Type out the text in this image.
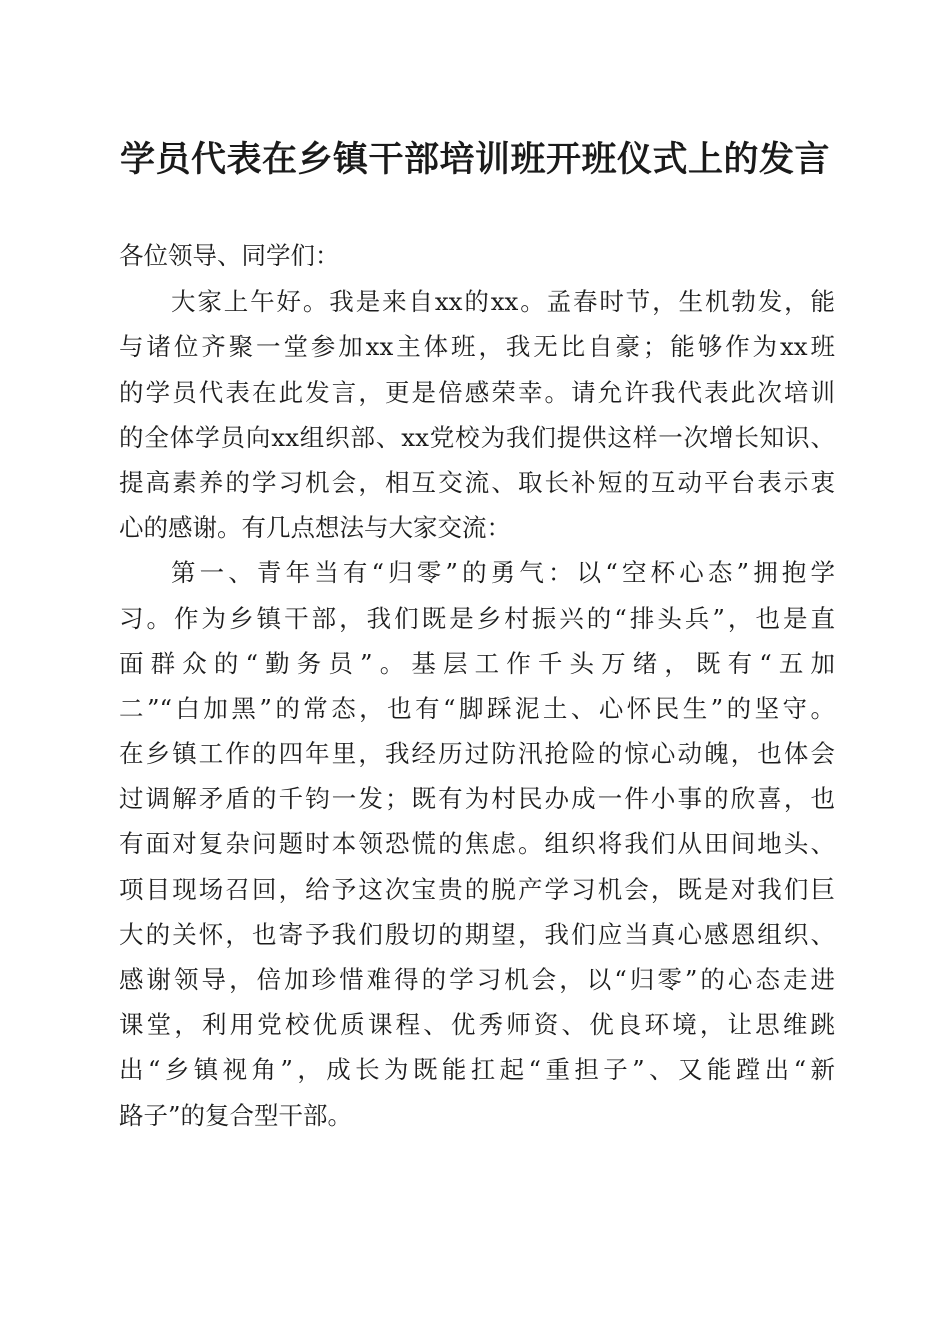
学员代表在乡镇干部培训班开班仪式上的发言
各位领导、同学们：
大家上午好。我是来自xx的xx。孟春时节，生机勃发，能
与诸位齐聚一堂参加xx主体班，我无比自豪；能够作为xx班
的学员代表在此发言，更是倍感荣幸。请允许我代表此次培训
的全体学员向xx组织部、xx党校为我们提供这样一次增长知识、
提高素养的学习机会，相互交流、取长补短的互动平台表示衷
心的感谢。有几点想法与大家交流：
第一、青年当有“归零”的勇气：以“空杯心态”拥抱学
习。作为乡镇干部，我们既是乡村振兴的“排头兵”，也是直
面群众的“勤务员”。基层工作千头万绪，既有“五加
二”“白加黑”的常态，也有“脚踩泥土、心怀民生”的坚守。
在乡镇工作的四年里，我经历过防汛抢险的惊心动魄，也体会
过调解矛盾的千钧一发；既有为村民办成一件小事的欣喜，也
有面对复杂问题时本领恐慌的焦虑。组织将我们从田间地头、
项目现场召回，给予这次宝贵的脱产学习机会，既是对我们巨
大的关怀，也寄予我们殷切的期望，我们应当真心感恩组织、
感谢领导，倍加珍惜难得的学习机会，以“归零”的心态走进
课堂，利用党校优质课程、优秀师资、优良环境，让思维跳
出“乡镇视角”，成长为既能扛起“重担子”、又能蹚出“新
路子”的复合型干部。
